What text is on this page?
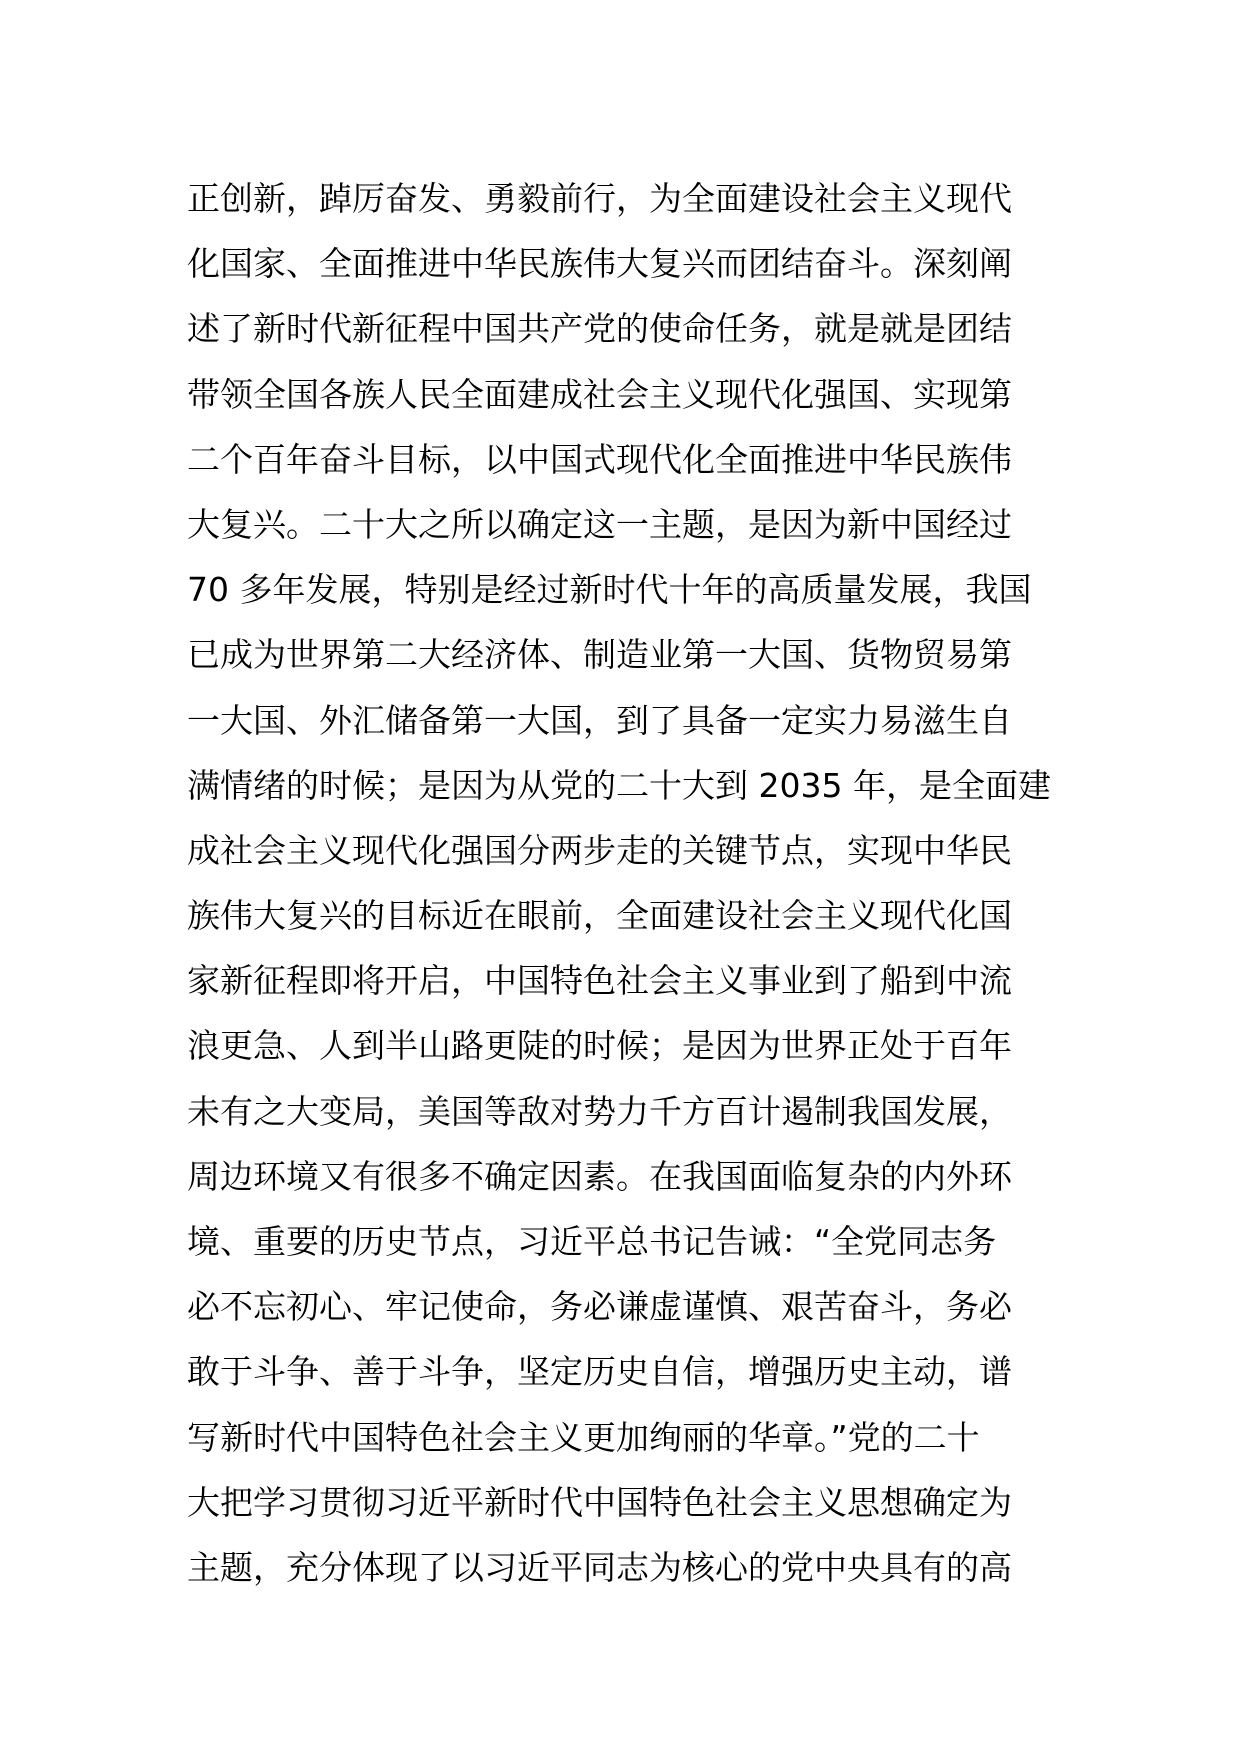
正创新，踔厉奋发、勇毅前行，为全面建设社会主义现代
化国家、全面推进中华民族伟大复兴而团结奋斗。深刻阐
述了新时代新征程中国共产党的使命任务，就是就是团结
带领全国各族人民全面建成社会主义现代化强国、实现第
二个百年奋斗目标，以中国式现代化全面推进中华民族伟
大复兴。二十大之所以确定这一主题，是因为新中国经过
70 多年发展，特别是经过新时代十年的高质量发展，我国
已成为世界第二大经济体、制造业第一大国、货物贸易第
一大国、外汇储备第一大国，到了具备一定实力易滋生自
满情绪的时候；是因为从党的二十大到 2035 年，是全面建
成社会主义现代化强国分两步走的关键节点，实现中华民
族伟大复兴的目标近在眼前，全面建设社会主义现代化国
家新征程即将开启，中国特色社会主义事业到了船到中流
浪更急、人到半山路更陡的时候；是因为世界正处于百年
未有之大变局，美国等敌对势力千方百计遏制我国发展，
周边环境又有很多不确定因素。在我国面临复杂的内外环
境、重要的历史节点，习近平总书记告诫：“全党同志务
必不忘初心、牢记使命，务必谦虚谨慎、艰苦奋斗，务必
敢于斗争、善于斗争，坚定历史自信，增强历史主动，谱
写新时代中国特色社会主义更加绚丽的华章。”党的二十
大把学习贯彻习近平新时代中国特色社会主义思想确定为
主题，充分体现了以习近平同志为核心的党中央具有的高
